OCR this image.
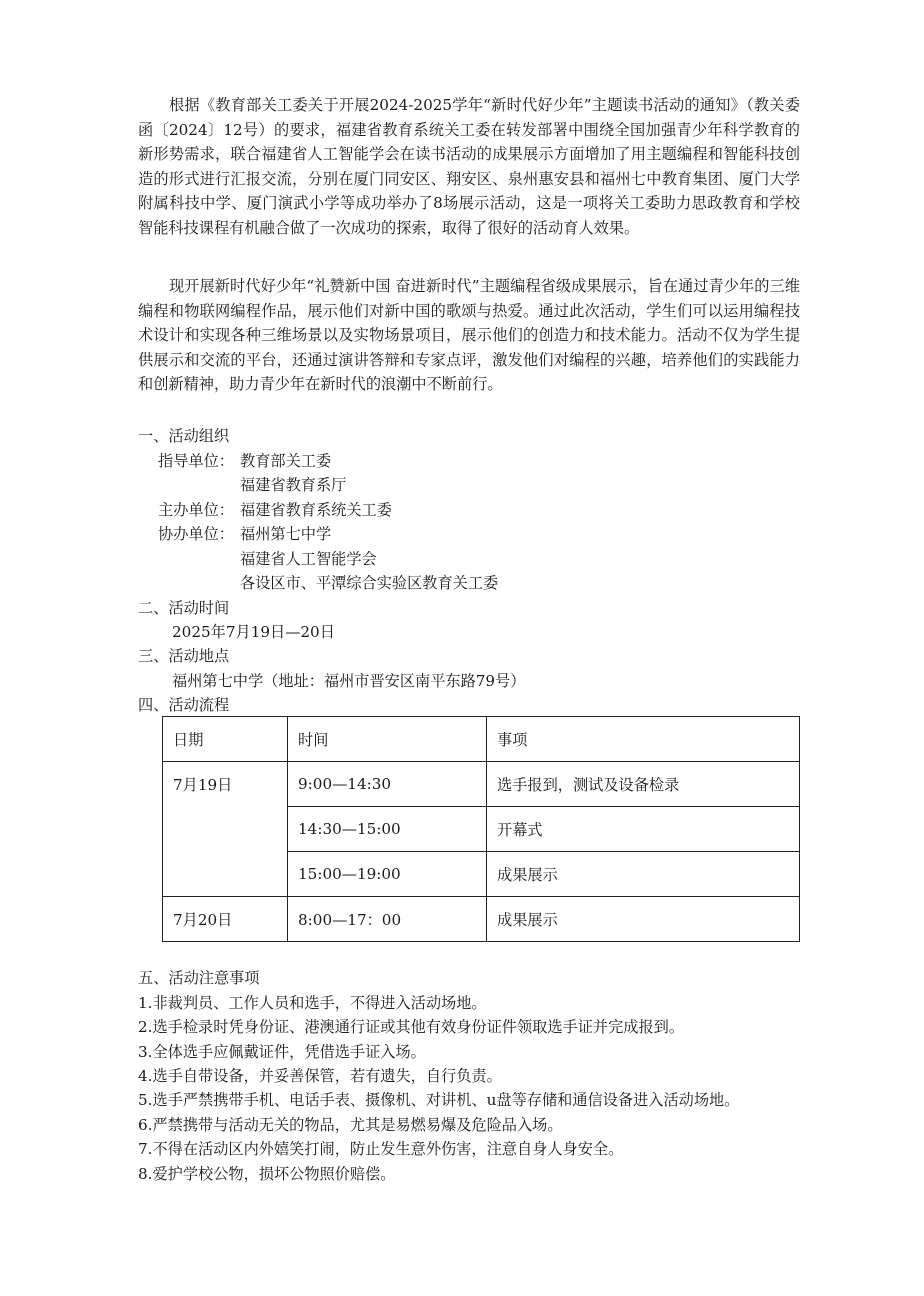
根据《教育部关工委关于开展2024-2025学年“新时代好少年”主题读书活动的通知》（教关委函〔2024〕12号）的要求，福建省教育系统关工委在转发部署中围绕全国加强青少年科学教育的新形势需求，联合福建省人工智能学会在读书活动的成果展示方面增加了用主题编程和智能科技创造的形式进行汇报交流，分别在厦门同安区、翔安区、泉州惠安县和福州七中教育集团、厦门大学附属科技中学、厦门演武小学等成功举办了8场展示活动，这是一项将关工委助力思政教育和学校智能科技课程有机融合做了一次成功的探索，取得了很好的活动育人效果。

现开展新时代好少年“礼赞新中国 奋进新时代”主题编程省级成果展示，旨在通过青少年的三维编程和物联网编程作品，展示他们对新中国的歌颂与热爱。通过此次活动，学生们可以运用编程技术设计和实现各种三维场景以及实物场景项目，展示他们的创造力和技术能力。活动不仅为学生提供展示和交流的平台，还通过演讲答辩和专家点评，激发他们对编程的兴趣，培养他们的实践能力和创新精神，助力青少年在新时代的浪潮中不断前行。

一、活动组织
指导单位： 教育部关工委
福建省教育系厅
主办单位： 福建省教育系统关工委
协办单位： 福州第七中学
福建省人工智能学会
各设区市、平潭综合实验区教育关工委
二、活动时间
2025年7月19日—20日
三、活动地点
福州第七中学（地址：福州市晋安区南平东路79号）
四、活动流程
日期	时间	事项
7月19日	9:00—14:30	选手报到，测试及设备检录
	14:30—15:00	开幕式
	15:00—19:00	成果展示
7月20日	8:00—17：00	成果展示
五、活动注意事项
1.非裁判员、工作人员和选手，不得进入活动场地。
2.选手检录时凭身份证、港澳通行证或其他有效身份证件领取选手证并完成报到。
3.全体选手应佩戴证件，凭借选手证入场。
4.选手自带设备，并妥善保管，若有遗失，自行负责。
5.选手严禁携带手机、电话手表、摄像机、对讲机、u盘等存储和通信设备进入活动场地。
6.严禁携带与活动无关的物品，尤其是易燃易爆及危险品入场。
7.不得在活动区内外嬉笑打闹，防止发生意外伤害，注意自身人身安全。
8.爱护学校公物，损坏公物照价赔偿。
